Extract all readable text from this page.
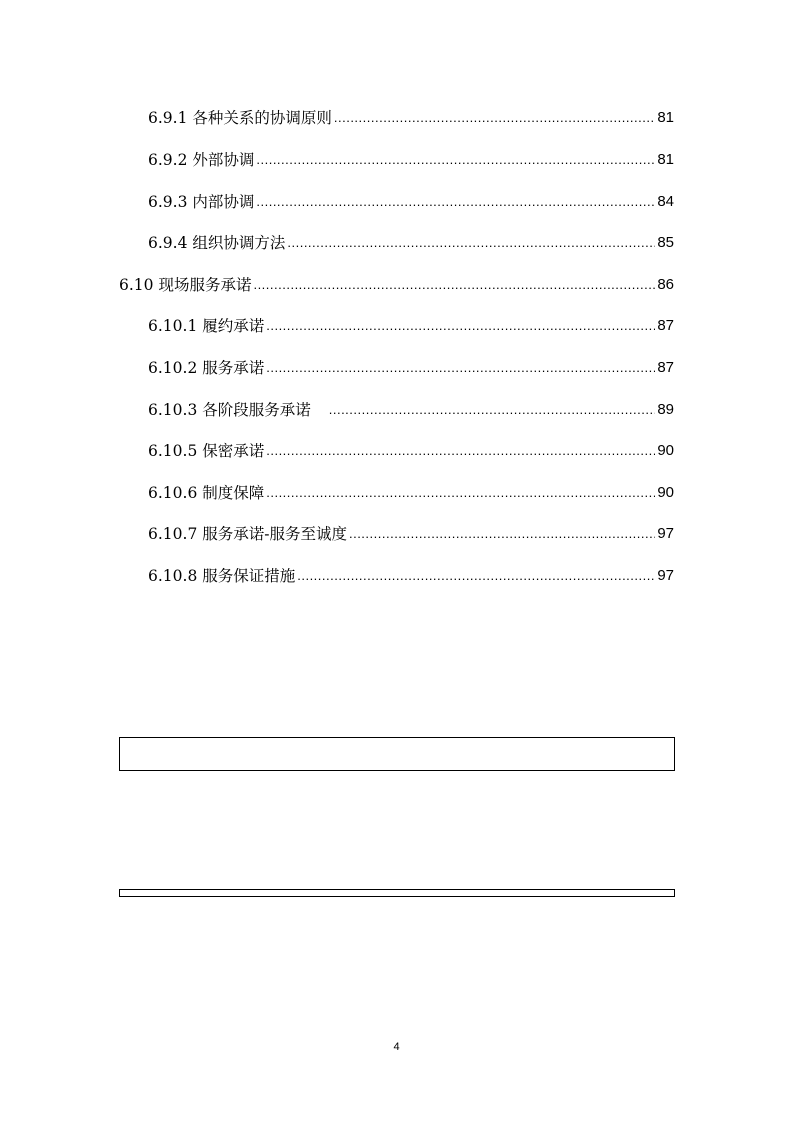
6.9.1 各种关系的协调原则 .....	81
6.9.2 外部协调 .....	81
6.9.3 内部协调 .....	84
6.9.4 组织协调方法 .....	85
6.10 现场服务承诺 .....	86
6.10.1 履约承诺 .....	87
6.10.2 服务承诺 .....	87
6.10.3 各阶段服务承诺 .....	89
6.10.5 保密承诺 .....	90
6.10.6 制度保障 .....	90
6.10.7 服务承诺-服务至诚度 .....	97
6.10.8 服务保证措施 .....	97
4
